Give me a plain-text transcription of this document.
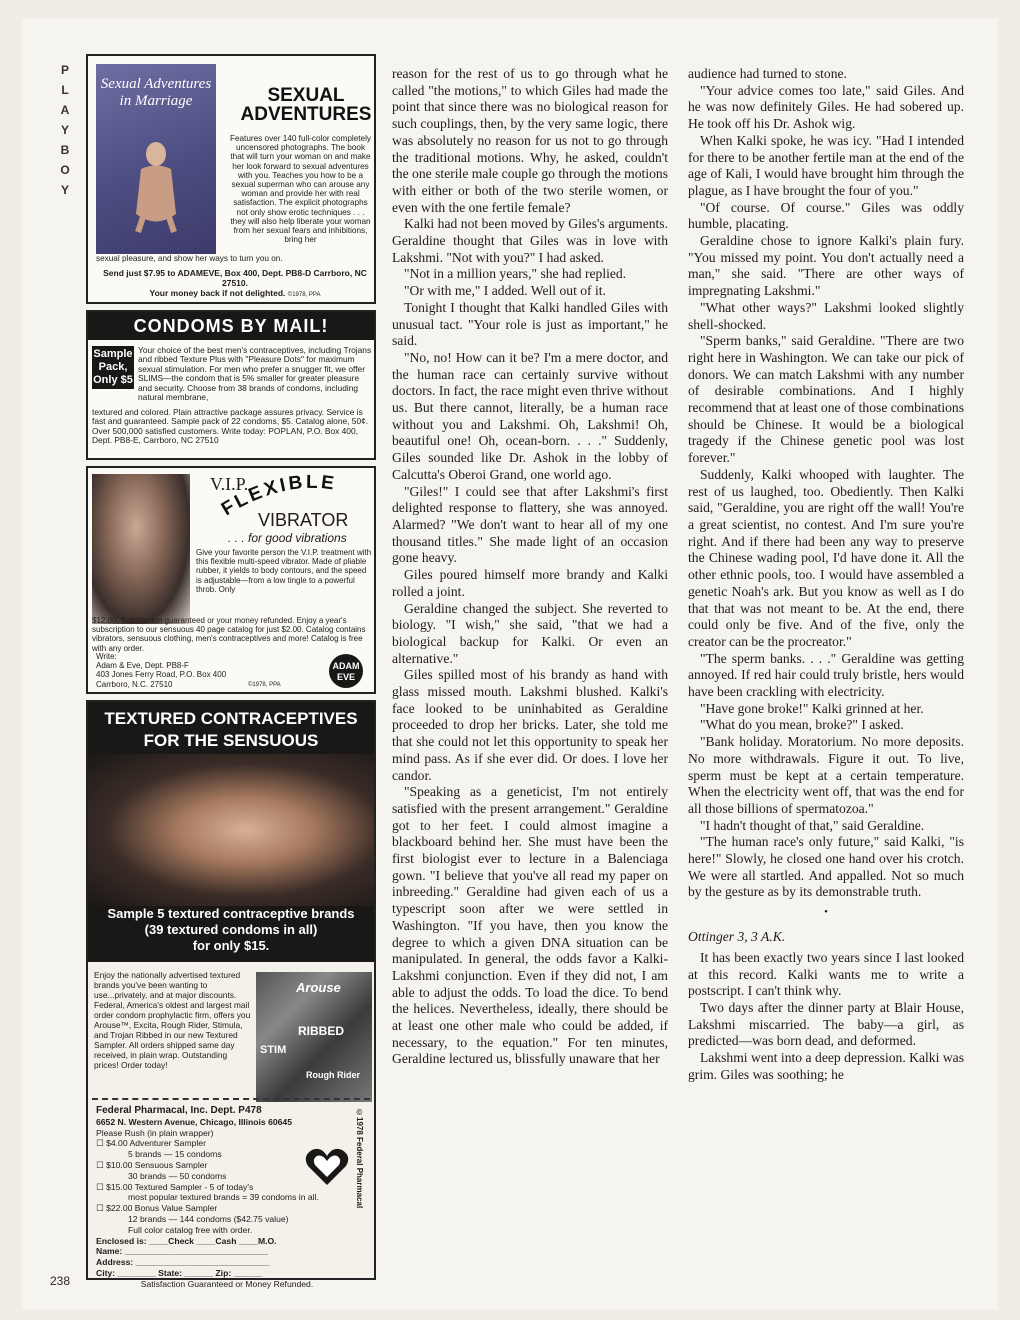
P
L
A
Y
B
O
Y
238
Sexual Adventures in Marriage	SEXUAL ADVENTURES
Features over 140 full-color completely uncensored photographs. The book that will turn your woman on and make her look forward to sexual adventures with you. Teaches you how to be a sexual superman who can arouse any woman and provide her with real satisfaction. The explicit photographs not only show erotic techniques . . . they will also help liberate your woman from her sexual fears and inhibitions, bring her
sexual pleasure, and show her ways to turn you on.
Send just $7.95 to ADAMEVE, Box 400, Dept. PB8-D Carrboro, NC 27510.
Your money back if not delighted. ©1978, PPA
CONDOMS BY MAIL!
Sample Pack, Only $5
Your choice of the best men's contraceptives, including Trojans and ribbed Texture Plus with "Pleasure Dots" for maximum sexual stimulation. For men who prefer a snugger fit, we offer SLIMS—the condom that is 5% smaller for greater pleasure and security. Choose from 38 brands of condoms, including natural membrane,
textured and colored. Plain attractive package assures privacy. Service is fast and guaranteed. Sample pack of 22 condoms, $5. Catalog alone, 50¢. Over 500,000 satisfied customers. Write today: POPLAN, P.O. Box 400, Dept. PB8-E, Carrboro, NC 27510
V.I.P.
FLEXIBLE
VIBRATOR
. . . for good vibrations
Give your favorite person the V.I.P. treatment with this flexible multi-speed vibrator. Made of pliable rubber, it yields to body contours, and the speed is adjustable—from a low tingle to a powerful throb. Only
$12.00. Satisfaction guaranteed or your money refunded. Enjoy a year's subscription to our sensuous 40 page catalog for just $2.00. Catalog contains vibrators, sensuous clothing, men's contraceptives and more! Catalog is free with any order.
Write:
Adam & Eve, Dept. PB8-F
403 Jones Ferry Road, P.O. Box 400
Carrboro, N.C. 27510	©1978, PPA
ADAM
EVE
TEXTURED CONTRACEPTIVES
FOR THE SENSUOUS
Sample 5 textured contraceptive brands
(39 textured condoms in all)
for only $15.
Enjoy the nationally advertised textured brands you've been wanting to use...privately, and at major discounts. Federal, America's oldest and largest mail order condom prophylactic firm, offers you Arouse™, Excita, Rough Rider, Stimula, and Trojan Ribbed in our new Textured Sampler. All orders shipped same day received, in plain wrap. Outstanding prices! Order today!
Arouse
RIBBED
STIM
Rough Rider
Federal Pharmacal, Inc. Dept. P478
6652 N. Western Avenue, Chicago, Illinois 60645
Please Rush (in plain wrapper)
☐ $4.00 Adventurer Sampler
5 brands — 15 condoms
☐ $10.00 Sensuous Sampler
30 brands — 50 condoms
☐ $15.00 Textured Sampler - 5 of today's
most popular textured brands = 39 condoms in all.
☐ $22.00 Bonus Value Sampler
12 brands — 144 condoms ($42.75 value)
Full color catalog free with order.
Enclosed is: ____Check ____Cash ____M.O.
Name: ______________________________
Address: ____________________________
City: ________ State: ______ Zip: ______
Satisfaction Guaranteed or Money Refunded.
©1978 Federal Pharmacal

reason for the rest of us to go through what he called "the motions," to which Giles had made the point that since there was no biological reason for such couplings, then, by the very same logic, there was absolutely no reason for us not to go through the traditional motions. Why, he asked, couldn't the one sterile male couple go through the motions with either or both of the two sterile women, or even with the one fertile female?

Kalki had not been moved by Giles's arguments. Geraldine thought that Giles was in love with Lakshmi. "Not with you?" I had asked.

"Not in a million years," she had replied.

"Or with me," I added. Well out of it.

Tonight I thought that Kalki handled Giles with unusual tact. "Your role is just as important," he said.

"No, no! How can it be? I'm a mere doctor, and the human race can certainly survive without doctors. In fact, the race might even thrive without us. But there cannot, literally, be a human race without you and Lakshmi. Oh, Lakshmi! Oh, beautiful one! Oh, ocean-born. . . ." Suddenly, Giles sounded like Dr. Ashok in the lobby of Calcutta's Oberoi Grand, one world ago.

"Giles!" I could see that after Lakshmi's first delighted response to flattery, she was annoyed. Alarmed? "We don't want to hear all of my one thousand titles." She made light of an occasion gone heavy.

Giles poured himself more brandy and Kalki rolled a joint.

Geraldine changed the subject. She reverted to biology. "I wish," she said, "that we had a biological backup for Kalki. Or even an alternative."

Giles spilled most of his brandy as hand with glass missed mouth. Lakshmi blushed. Kalki's face looked to be uninhabited as Geraldine proceeded to drop her bricks. Later, she told me that she could not let this opportunity to speak her mind pass. As if she ever did. Or does. I love her candor.

"Speaking as a geneticist, I'm not entirely satisfied with the present arrangement." Geraldine got to her feet. I could almost imagine a blackboard behind her. She must have been the first biologist ever to lecture in a Balenciaga gown. "I believe that you've all read my paper on inbreeding." Geraldine had given each of us a typescript soon after we were settled in Washington. "If you have, then you know the degree to which a given DNA situation can be manipulated. In general, the odds favor a Kalki-Lakshmi conjunction. Even if they did not, I am able to adjust the odds. To load the dice. To bend the helices. Nevertheless, ideally, there should be at least one other male who could be added, if necessary, to the equation." For ten minutes, Geraldine lectured us, blissfully unaware that her

audience had turned to stone.

"Your advice comes too late," said Giles. And he was now definitely Giles. He had sobered up. He took off his Dr. Ashok wig.

When Kalki spoke, he was icy. "Had I intended for there to be another fertile man at the end of the age of Kali, I would have brought him through the plague, as I have brought the four of you."

"Of course. Of course." Giles was oddly humble, placating.

Geraldine chose to ignore Kalki's plain fury. "You missed my point. You don't actually need a man," she said. "There are other ways of impregnating Lakshmi."

"What other ways?" Lakshmi looked slightly shell-shocked.

"Sperm banks," said Geraldine. "There are two right here in Washington. We can take our pick of donors. We can match Lakshmi with any number of desirable combinations. And I highly recommend that at least one of those combinations should be Chinese. It would be a biological tragedy if the Chinese genetic pool was lost forever."

Suddenly, Kalki whooped with laughter. The rest of us laughed, too. Obediently. Then Kalki said, "Geraldine, you are right off the wall! You're a great scientist, no contest. And I'm sure you're right. And if there had been any way to preserve the Chinese wading pool, I'd have done it. All the other ethnic pools, too. I would have assembled a genetic Noah's ark. But you know as well as I do that that was not meant to be. At the end, there could only be five. And of the five, only the creator can be the procreator."

"The sperm banks. . . ." Geraldine was getting annoyed. If red hair could truly bristle, hers would have been crackling with electricity.

"Have gone broke!" Kalki grinned at her.

"What do you mean, broke?" I asked.

"Bank holiday. Moratorium. No more deposits. No more withdrawals. Figure it out. To live, sperm must be kept at a certain temperature. When the electricity went off, that was the end for all those billions of spermatozoa."

"I hadn't thought of that," said Geraldine.

"The human race's only future," said Kalki, "is here!" Slowly, he closed one hand over his crotch. We were all startled. And appalled. Not so much by the gesture as by its demonstrable truth.

•

Ottinger 3, 3 A.K.

It has been exactly two years since I last looked at this record. Kalki wants me to write a postscript. I can't think why.

Two days after the dinner party at Blair House, Lakshmi miscarried. The baby—a girl, as predicted—was born dead, and deformed.

Lakshmi went into a deep depression. Kalki was grim. Giles was soothing; he
